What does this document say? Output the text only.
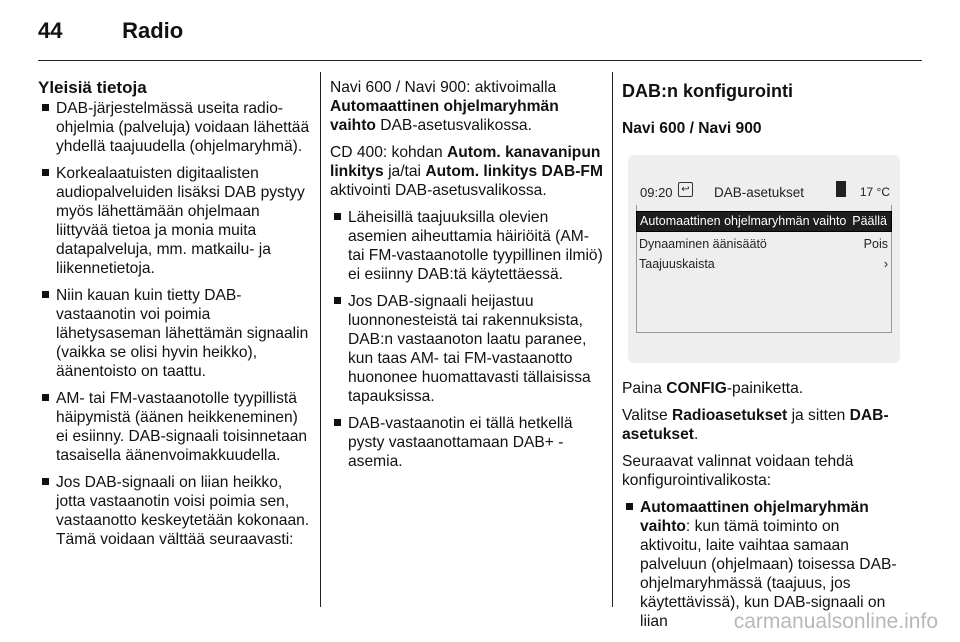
44	Radio
Yleisiä tietoja
DAB-järjestelmässä useita radio-ohjelmia (palveluja) voidaan lähettää yhdellä taajuudella (ohjelmaryhmä).
Korkealaatuisten digitaalisten audiopalveluiden lisäksi DAB pystyy myös lähettämään ohjelmaan liittyvää tietoa ja monia muita datapalveluja, mm. matkailu- ja liikennetietoja.
Niin kauan kuin tietty DAB-vastaanotin voi poimia lähetysaseman lähettämän signaalin (vaikka se olisi hyvin heikko), äänentoisto on taattu.
AM- tai FM-vastaanotolle tyypillistä häipymistä (äänen heikkeneminen) ei esiinny. DAB-signaali toisinnetaan tasaisella äänenvoimakkuudella.
Jos DAB-signaali on liian heikko, jotta vastaanotin voisi poimia sen, vastaanotto keskeytetään kokonaan. Tämä voidaan välttää seuraavasti:

Navi 600 / Navi 900: aktivoimalla Automaattinen ohjelmaryhmän vaihto DAB-asetusvalikossa.

CD 400: kohdan Autom. kanavanipun linkitys ja/tai Autom. linkitys DAB-FM aktivointi DAB-asetusvalikossa.

Läheisillä taajuuksilla olevien asemien aiheuttamia häiriöitä (AM- tai FM-vastaanotolle tyypillinen ilmiö) ei esiinny DAB:tä käytettäessä.
Jos DAB-signaali heijastuu luonnonesteistä tai rakennuksista, DAB:n vastaanoton laatu paranee, kun taas AM- tai FM-vastaanotto huononee huomattavasti tällaisissa tapauksissa.
DAB-vastaanotin ei tällä hetkellä pysty vastaanottamaan DAB+ -asemia.
DAB:n konfigurointi
Navi 600 / Navi 900
09:20 ↩ DAB-asetukset	17 °C
Automaattinen ohjelmaryhmän vaihto Päällä
Dynaaminen äänisäätö	Pois
Taajuuskaista	›

Paina CONFIG-painiketta.

Valitse Radioasetukset ja sitten DAB-asetukset.

Seuraavat valinnat voidaan tehdä konfigurointivalikosta:

Automaattinen ohjelmaryhmän vaihto: kun tämä toiminto on aktivoitu, laite vaihtaa samaan palveluun (ohjelmaan) toisessa DAB-ohjelmaryhmässä (taajuus, jos käytettävissä), kun DAB-signaali on liian	carmanualsonline.info
